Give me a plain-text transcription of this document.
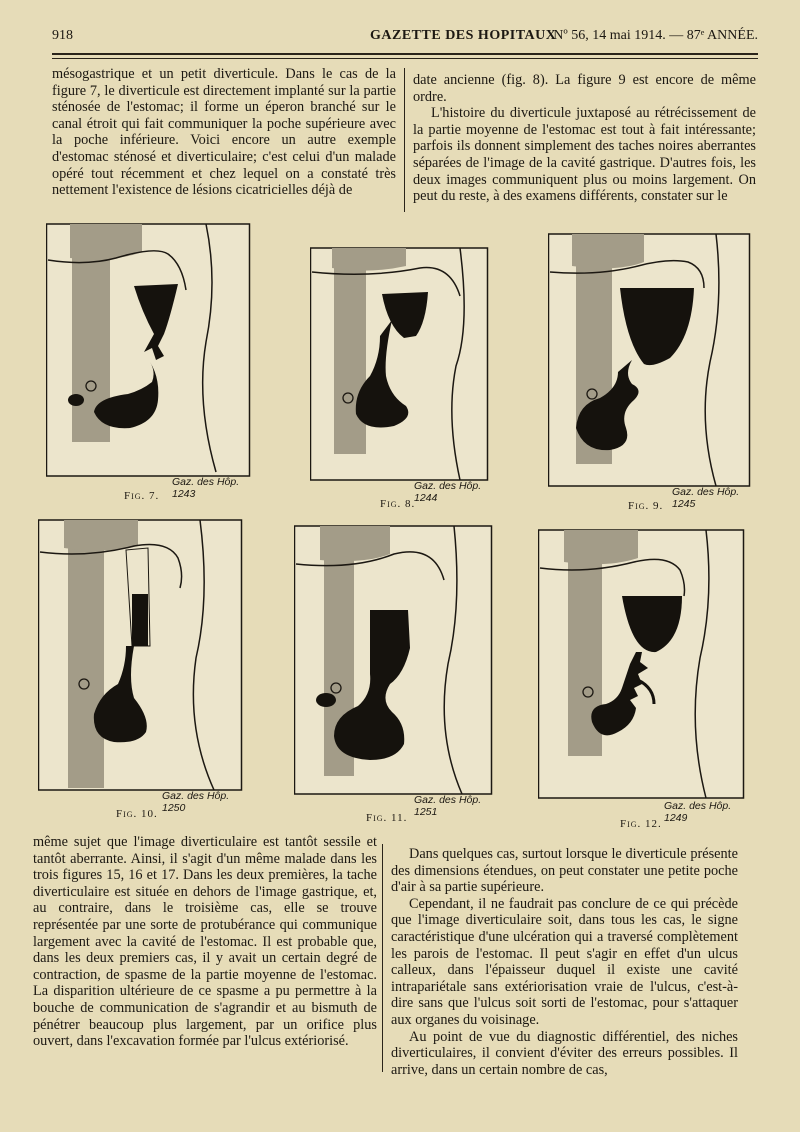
918	GAZETTE DES HOPITAUX
Nº 56, 14 mai 1914. — 87ᵉ ANNÉE.

mésogastrique et un petit diverticule. Dans le cas de la figure 7, le diverticule est directement implanté sur la partie sténosée de l'estomac; il forme un éperon branché sur le canal étroit qui fait communiquer la poche supérieure avec la poche inférieure. Voici encore un autre exemple d'estomac sténosé et diverticulaire; c'est celui d'un malade opéré tout récemment et chez lequel on a constaté très nettement l'existence de lésions cicatricielles déjà de

date ancienne (fig. 8). La figure 9 est encore de même ordre.

L'histoire du diverticule juxtaposé au rétrécissement de la partie moyenne de l'estomac est tout à fait intéressante; parfois ils donnent simplement des taches noires aberrantes séparées de l'image de la cavité gastrique. D'autres fois, les deux images communiquent plus ou moins largement. On peut du reste, à des examens différents, constater sur le

Gaz. des Hôp. 1243
Fig. 7.
Gaz. des Hôp. 1244
Fig. 8.
Gaz. des Hôp. 1245
Fig. 9.
Gaz. des Hôp. 1250
Fig. 10.
Gaz. des Hôp. 1251
Fig. 11.
Gaz. des Hôp. 1249
Fig. 12.

même sujet que l'image diverticulaire est tantôt sessile et tantôt aberrante. Ainsi, il s'agit d'un même malade dans les trois figures 15, 16 et 17. Dans les deux premières, la tache diverticulaire est située en dehors de l'image gastrique, et, au contraire, dans le troisième cas, elle se trouve représentée par une sorte de protubérance qui communique largement avec la cavité de l'estomac. Il est probable que, dans les deux premiers cas, il y avait un certain degré de contraction, de spasme de la partie moyenne de l'estomac. La disparition ultérieure de ce spasme a pu permettre à la bouche de communication de s'agrandir et au bismuth de pénétrer beaucoup plus largement, par un orifice plus ouvert, dans l'excavation formée par l'ulcus extériorisé.

Dans quelques cas, surtout lorsque le diverticule présente des dimensions étendues, on peut constater une petite poche d'air à sa partie supérieure.

Cependant, il ne faudrait pas conclure de ce qui précède que l'image diverticulaire soit, dans tous les cas, le signe caractéristique d'une ulcération qui a traversé complètement les parois de l'estomac. Il peut s'agir en effet d'un ulcus calleux, dans l'épaisseur duquel il existe une cavité intrapariétale sans extériorisation vraie de l'ulcus, c'est-à-dire sans que l'ulcus soit sorti de l'estomac, pour s'attaquer aux organes du voisinage.

Au point de vue du diagnostic différentiel, des niches diverticulaires, il convient d'éviter des erreurs possibles. Il arrive, dans un certain nombre de cas,
